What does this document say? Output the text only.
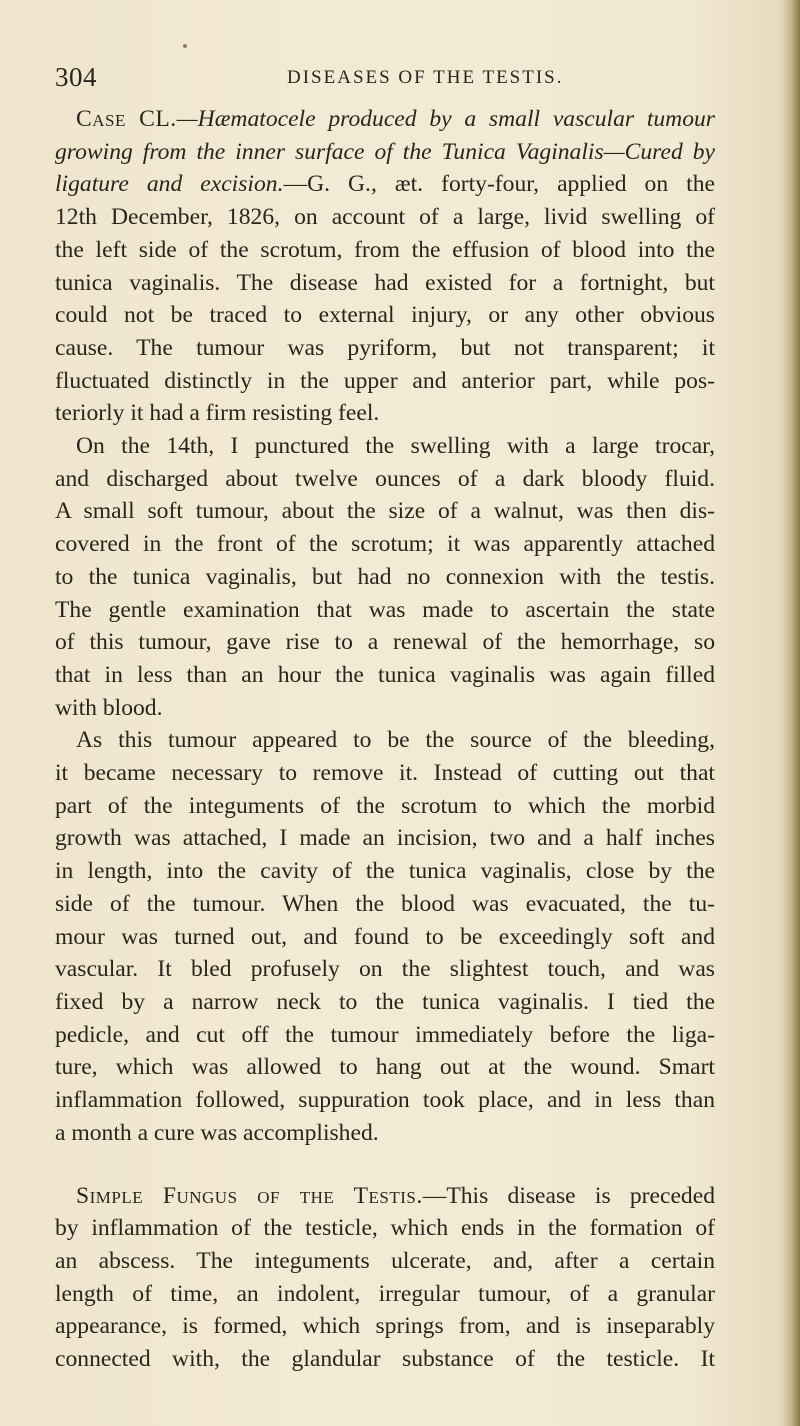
304	DISEASES OF THE TESTIS.

Case CL.—Hæmatocele produced by a small vascular tumour

growing from the inner surface of the Tunica Vaginalis—Cured by

ligature and excision.—G. G., æt. forty-four, applied on the

12th December, 1826, on account of a large, livid swelling of

the left side of the scrotum, from the effusion of blood into the

tunica vaginalis. The disease had existed for a fortnight, but

could not be traced to external injury, or any other obvious

cause. The tumour was pyriform, but not transparent; it

fluctuated distinctly in the upper and anterior part, while pos-

teriorly it had a firm resisting feel.

On the 14th, I punctured the swelling with a large trocar,

and discharged about twelve ounces of a dark bloody fluid.

A small soft tumour, about the size of a walnut, was then dis-

covered in the front of the scrotum; it was apparently attached

to the tunica vaginalis, but had no connexion with the testis.

The gentle examination that was made to ascertain the state

of this tumour, gave rise to a renewal of the hemorrhage, so

that in less than an hour the tunica vaginalis was again filled

with blood.

As this tumour appeared to be the source of the bleeding,

it became necessary to remove it. Instead of cutting out that

part of the integuments of the scrotum to which the morbid

growth was attached, I made an incision, two and a half inches

in length, into the cavity of the tunica vaginalis, close by the

side of the tumour. When the blood was evacuated, the tu-

mour was turned out, and found to be exceedingly soft and

vascular. It bled profusely on the slightest touch, and was

fixed by a narrow neck to the tunica vaginalis. I tied the

pedicle, and cut off the tumour immediately before the liga-

ture, which was allowed to hang out at the wound. Smart

inflammation followed, suppuration took place, and in less than

a month a cure was accomplished.

Simple Fungus of the Testis.—This disease is preceded

by inflammation of the testicle, which ends in the formation of

an abscess. The integuments ulcerate, and, after a certain

length of time, an indolent, irregular tumour, of a granular

appearance, is formed, which springs from, and is inseparably

connected with, the glandular substance of the testicle. It
